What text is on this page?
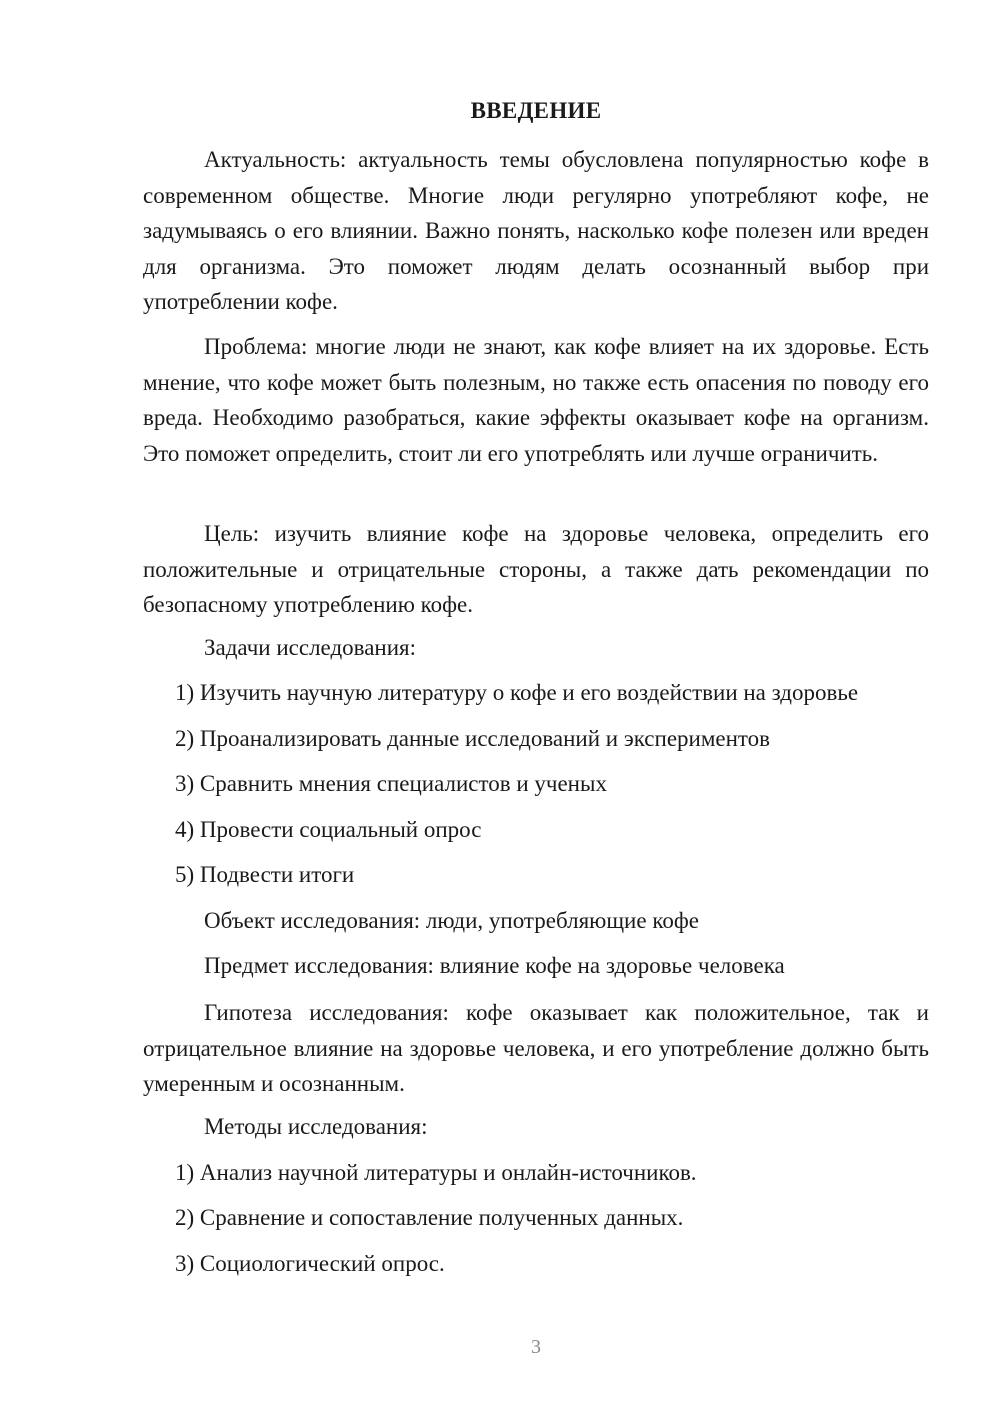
ВВЕДЕНИЕ

Актуальность: актуальность темы обусловлена популярностью кофе в современном обществе. Многие люди регулярно употребляют кофе, не задумываясь о его влиянии. Важно понять, насколько кофе полезен или вреден для организма. Это поможет людям делать осознанный выбор при употреблении кофе.

Проблема: многие люди не знают, как кофе влияет на их здоровье. Есть мнение, что кофе может быть полезным, но также есть опасения по поводу его вреда. Необходимо разобраться, какие эффекты оказывает кофе на организм. Это поможет определить, стоит ли его употреблять или лучше ограничить.

Цель: изучить влияние кофе на здоровье человека, определить его положительные и отрицательные стороны, а также дать рекомендации по безопасному употреблению кофе.

Задачи исследования:

1) Изучить научную литературу о кофе и его воздействии на здоровье

2) Проанализировать данные исследований и экспериментов

3) Сравнить мнения специалистов и ученых

4) Провести социальный опрос

5) Подвести итоги

Объект исследования: люди, употребляющие кофе

Предмет исследования: влияние кофе на здоровье человека

Гипотеза исследования: кофе оказывает как положительное, так и отрицательное влияние на здоровье человека, и его употребление должно быть умеренным и осознанным.

Методы исследования:

1) Анализ научной литературы и онлайн-источников.

2) Сравнение и сопоставление полученных данных.

3) Социологический опрос.

3
